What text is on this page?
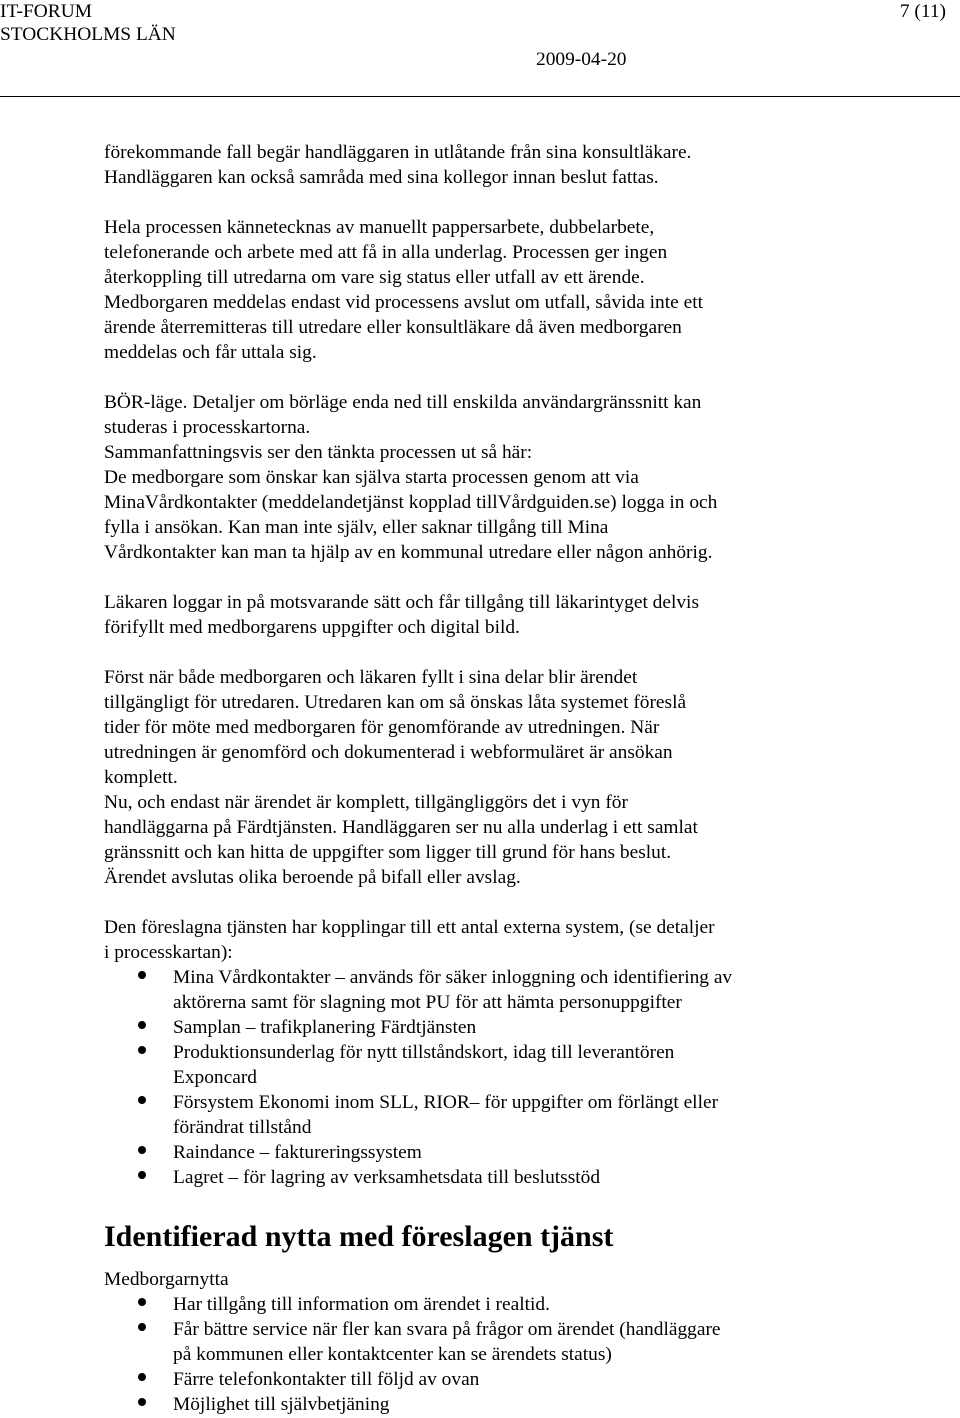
IT-FORUM
STOCKHOLMS LÄN
7 (11)
2009-04-20
förekommande fall begär handläggaren in utlåtande från sina konsultläkare.
Handläggaren kan också samråda med sina kollegor innan beslut fattas.
Hela processen kännetecknas av manuellt pappersarbete, dubbelarbete,
telefonerande och arbete med att få in alla underlag. Processen ger ingen
återkoppling till utredarna om vare sig status eller utfall av ett ärende.
Medborgaren meddelas endast vid processens avslut om utfall, såvida inte ett
ärende återremitteras till utredare eller konsultläkare då även medborgaren
meddelas och får uttala sig.
BÖR-läge. Detaljer om börläge enda ned till enskilda användargränssnitt kan
studeras i processkartorna.
Sammanfattningsvis ser den tänkta processen ut så här:
De medborgare som önskar kan själva starta processen genom att via
MinaVårdkontakter (meddelandetjänst kopplad tillVårdguiden.se) logga in och
fylla i ansökan. Kan man inte själv, eller saknar tillgång till Mina
Vårdkontakter kan man ta hjälp av en kommunal utredare eller någon anhörig.
Läkaren loggar in på motsvarande sätt och får tillgång till läkarintyget delvis
förifyllt med medborgarens uppgifter och digital bild.
Först när både medborgaren och läkaren fyllt i sina delar blir ärendet
tillgängligt för utredaren. Utredaren kan om så önskas låta systemet föreslå
tider för möte med medborgaren för genomförande av utredningen. När
utredningen är genomförd och dokumenterad i webformuläret är ansökan
komplett.
Nu, och endast när ärendet är komplett, tillgängliggörs det i vyn för
handläggarna på Färdtjänsten. Handläggaren ser nu alla underlag i ett samlat
gränssnitt och kan hitta de uppgifter som ligger till grund för hans beslut.
Ärendet avslutas olika beroende på bifall eller avslag.
Den föreslagna tjänsten har kopplingar till ett antal externa system, (se detaljer
i processkartan):
Mina Vårdkontakter – används för säker inloggning och identifiering av
aktörerna samt för slagning mot PU för att hämta personuppgifter
Samplan – trafikplanering Färdtjänsten
Produktionsunderlag för nytt tillståndskort, idag till leverantören
Exponcard
Försystem Ekonomi inom SLL, RIOR– för uppgifter om förlängt eller
förändrat tillstånd
Raindance – faktureringssystem
Lagret – för lagring av verksamhetsdata till beslutsstöd
Identifierad nytta med föreslagen tjänst
Medborgarnytta
Har tillgång till information om ärendet i realtid.
Får bättre service när fler kan svara på frågor om ärendet (handläggare
på kommunen eller kontaktcenter kan se ärendets status)
Färre telefonkontakter till följd av ovan
Möjlighet till självbetjäning
